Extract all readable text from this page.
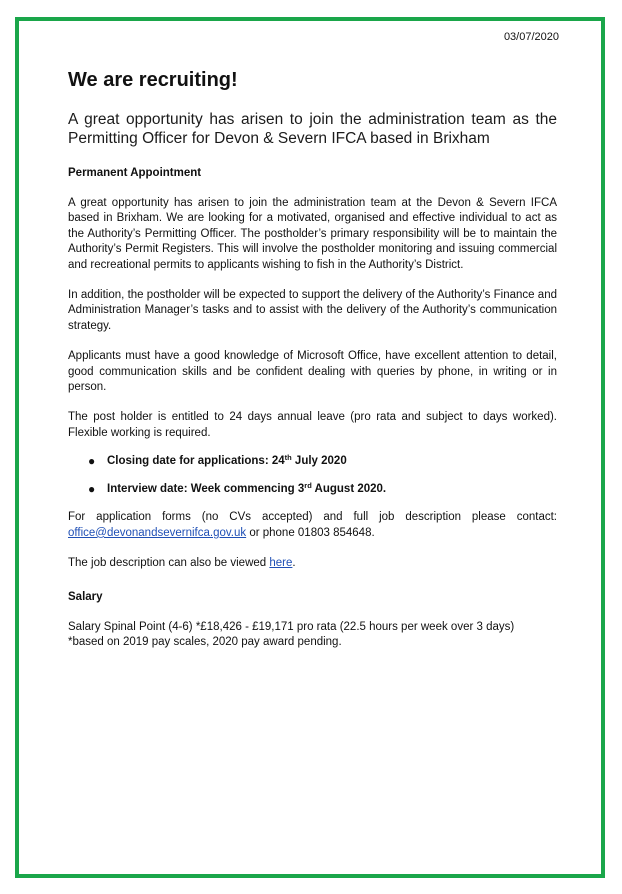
03/07/2020
We are recruiting!

A great opportunity has arisen to join the administration team as the Permitting Officer for Devon & Severn IFCA based in Brixham

Permanent Appointment

A great opportunity has arisen to join the administration team at the Devon & Severn IFCA based in Brixham. We are looking for a motivated, organised and effective individual to act as the Authority’s Permitting Officer. The postholder’s primary responsibility will be to maintain the Authority’s Permit Registers. This will involve the postholder monitoring and issuing commercial and recreational permits to applicants wishing to fish in the Authority’s District.

In addition, the postholder will be expected to support the delivery of the Authority’s Finance and Administration Manager’s tasks and to assist with the delivery of the Authority’s communication strategy.

Applicants must have a good knowledge of Microsoft Office, have excellent attention to detail, good communication skills and be confident dealing with queries by phone, in writing or in person.

The post holder is entitled to 24 days annual leave (pro rata and subject to days worked). Flexible working is required.

● Closing date for applications: 24th July 2020
● Interview date: Week commencing 3rd August 2020.

For application forms (no CVs accepted) and full job description please contact: office@devonandsevernifca.gov.uk or phone 01803 854648.

The job description can also be viewed here.

Salary

Salary Spinal Point (4-6) *£18,426 - £19,171 pro rata (22.5 hours per week over 3 days)
*based on 2019 pay scales, 2020 pay award pending.
